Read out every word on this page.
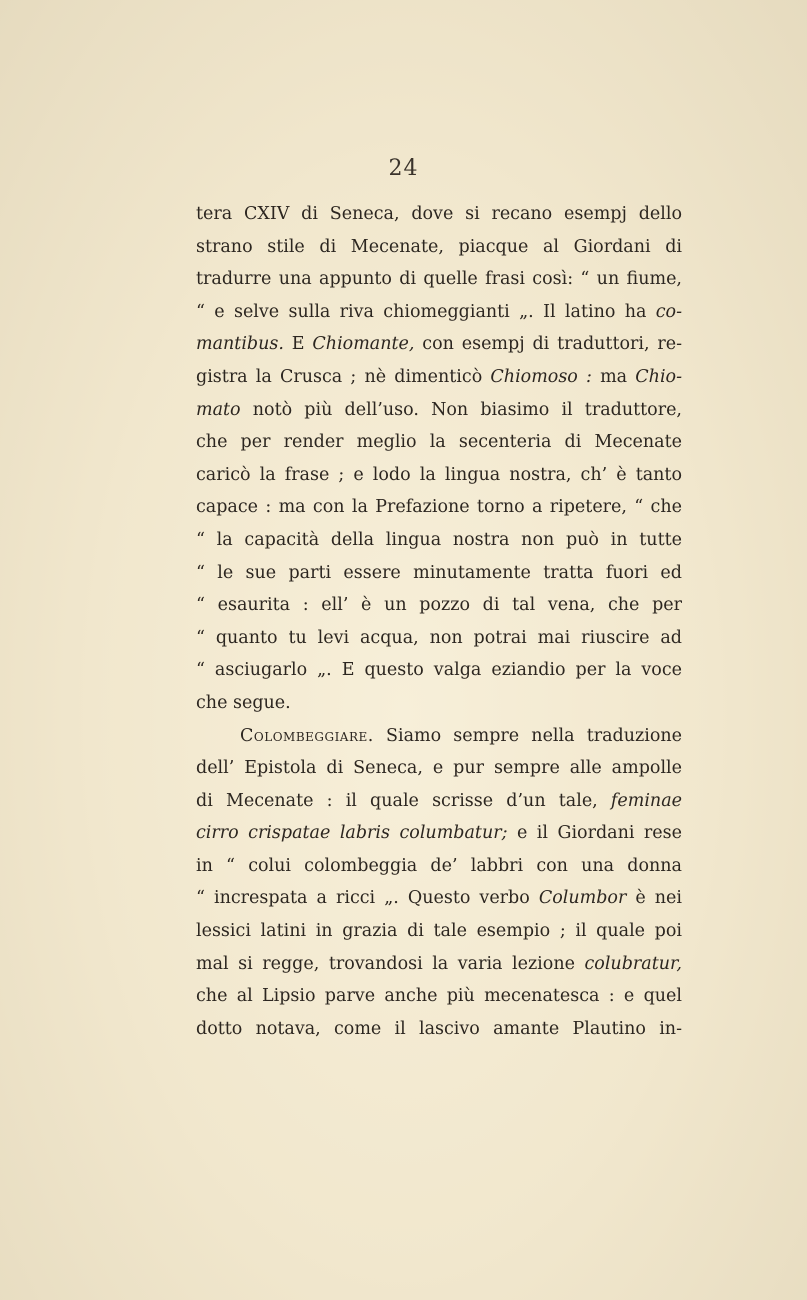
24
tera CXIV di Seneca, dove si recano esempj dello
strano stile di Mecenate, piacque al Giordani di
tradurre una appunto di quelle frasi così: “ un fiume,
“ e selve sulla riva chiomeggianti „. Il latino ha co-
mantibus. E Chiomante, con esempj di traduttori, re-
gistra la Crusca ; nè dimenticò Chiomoso : ma Chio-
mato notò più dell’uso. Non biasimo il traduttore,
che per render meglio la secenteria di Mecenate
caricò la frase ; e lodo la lingua nostra, ch’ è tanto
capace : ma con la Prefazione torno a ripetere, “ che
“ la capacità della lingua nostra non può in tutte
“ le sue parti essere minutamente tratta fuori ed
“ esaurita : ell’ è un pozzo di tal vena, che per
“ quanto tu levi acqua, non potrai mai riuscire ad
“ asciugarlo „. E questo valga eziandio per la voce
che segue.
Colombeggiare. Siamo sempre nella traduzione
dell’ Epistola di Seneca, e pur sempre alle ampolle
di Mecenate : il quale scrisse d’un tale, feminae
cirro crispatae labris columbatur; e il Giordani rese
in “ colui colombeggia de’ labbri con una donna
“ increspata a ricci „. Questo verbo Columbor è nei
lessici latini in grazia di tale esempio ; il quale poi
mal si regge, trovandosi la varia lezione colubratur,
che al Lipsio parve anche più mecenatesca : e quel
dotto notava, come il lascivo amante Plautino in-
